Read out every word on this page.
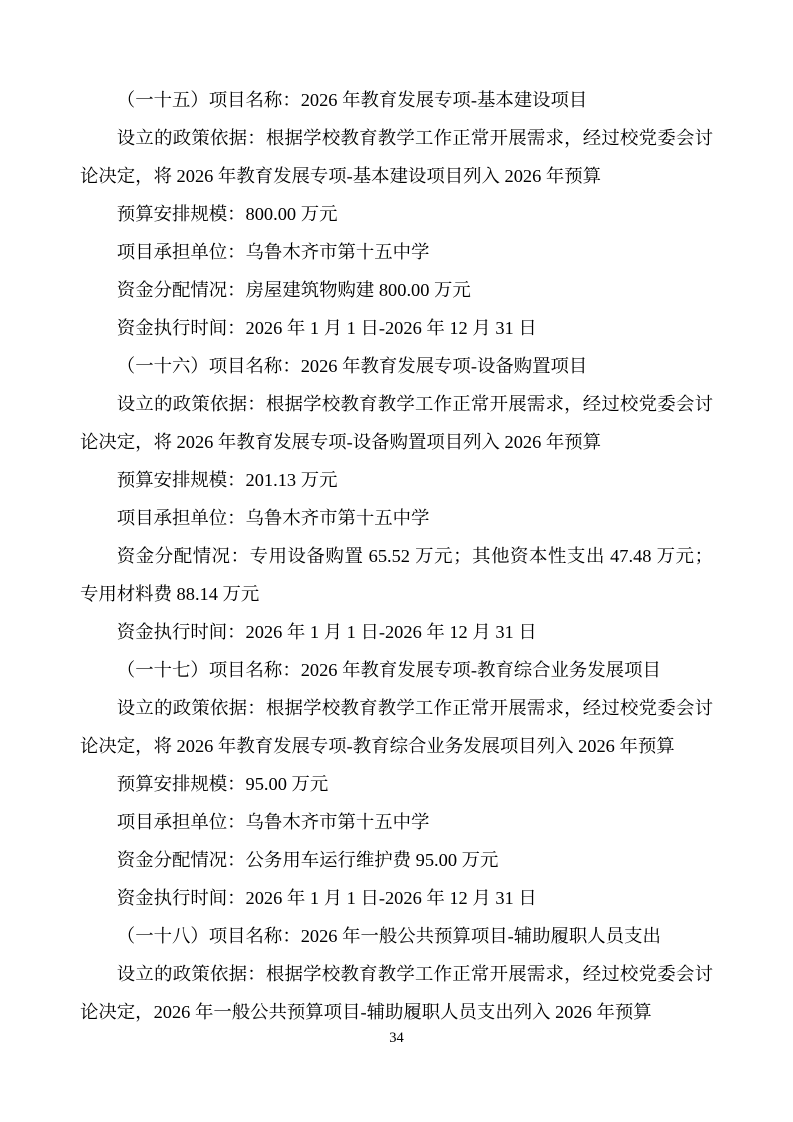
（一十五）项目名称：2026 年教育发展专项-基本建设项目

设立的政策依据：根据学校教育教学工作正常开展需求，经过校党委会讨论决定，将 2026 年教育发展专项-基本建设项目列入 2026 年预算

预算安排规模：800.00 万元

项目承担单位：乌鲁木齐市第十五中学

资金分配情况：房屋建筑物购建 800.00 万元

资金执行时间：2026 年 1 月 1 日-2026 年 12 月 31 日

（一十六）项目名称：2026 年教育发展专项-设备购置项目

设立的政策依据：根据学校教育教学工作正常开展需求，经过校党委会讨论决定，将 2026 年教育发展专项-设备购置项目列入 2026 年预算

预算安排规模：201.13 万元

项目承担单位：乌鲁木齐市第十五中学

资金分配情况：专用设备购置 65.52 万元；其他资本性支出 47.48 万元；专用材料费 88.14 万元

资金执行时间：2026 年 1 月 1 日-2026 年 12 月 31 日

（一十七）项目名称：2026 年教育发展专项-教育综合业务发展项目

设立的政策依据：根据学校教育教学工作正常开展需求，经过校党委会讨论决定，将 2026 年教育发展专项-教育综合业务发展项目列入 2026 年预算

预算安排规模：95.00 万元

项目承担单位：乌鲁木齐市第十五中学

资金分配情况：公务用车运行维护费 95.00 万元

资金执行时间：2026 年 1 月 1 日-2026 年 12 月 31 日

（一十八）项目名称：2026 年一般公共预算项目-辅助履职人员支出

设立的政策依据：根据学校教育教学工作正常开展需求，经过校党委会讨论决定，2026 年一般公共预算项目-辅助履职人员支出列入 2026 年预算

34
